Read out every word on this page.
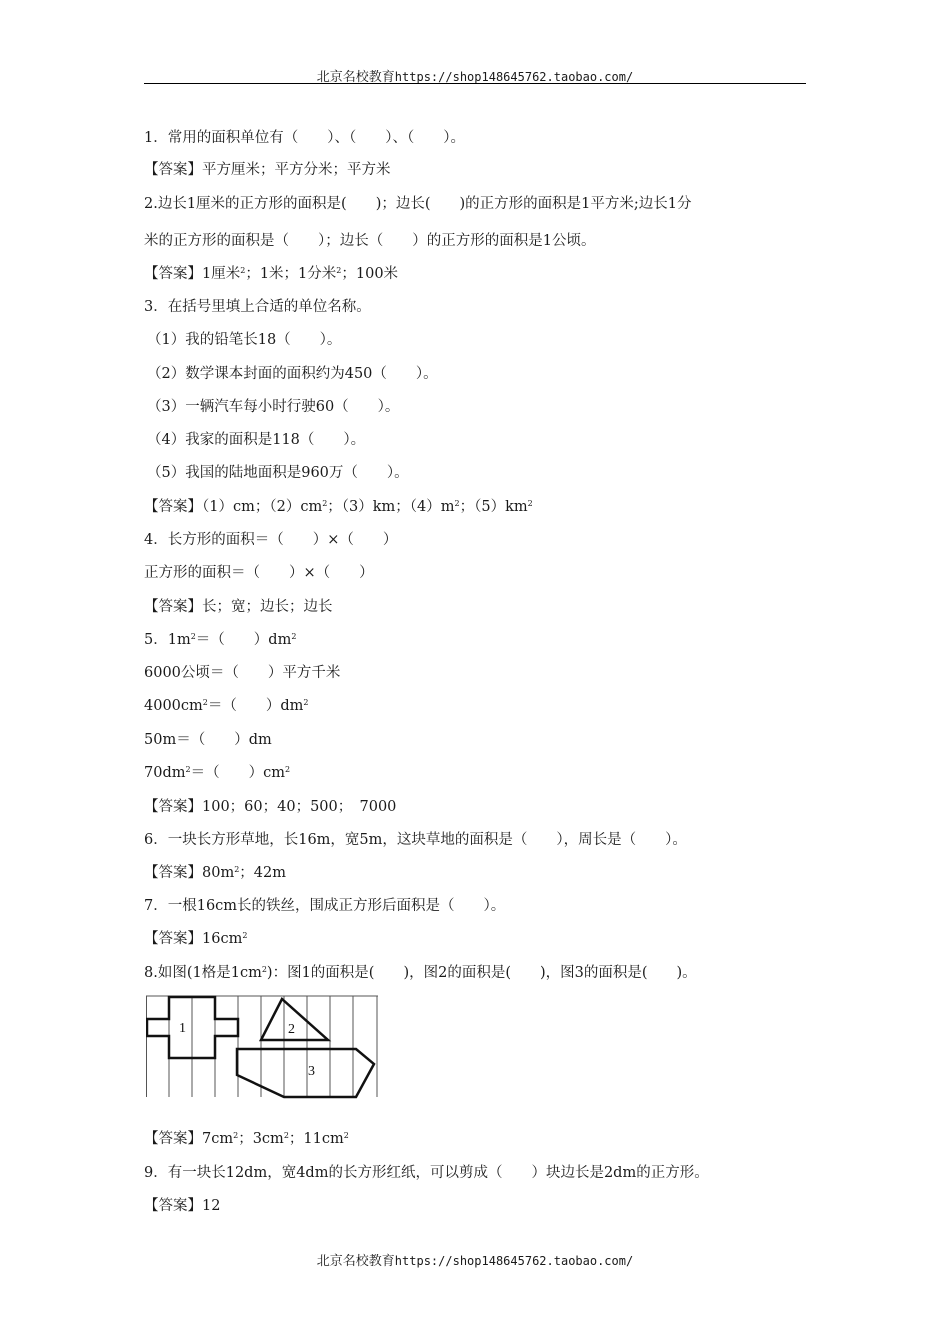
北京名校教育https://shop148645762.taobao.com/
1．常用的面积单位有（　　）、（　　）、（　　）。
【答案】平方厘米；平方分米；平方米
2.边长1厘米的正方形的面积是(　　)；边长(　　)的正方形的面积是1平方米;边长1分
米的正方形的面积是（　　）；边长（　　）的正方形的面积是1公顷。
【答案】1厘米$^2$；1米；1分米$^2$；100米
3．在括号里填上合适的单位名称。
（1）我的铅笔长18（　　）。
（2）数学课本封面的面积约为450（　　）。
（3）一辆汽车每小时行驶60（　　）。
（4）我家的面积是118（　　）。
（5）我国的陆地面积是960万（　　）。
【答案】（1）cm；$(2)cm^2$；（3）km；$(4)m^2$；$(5)km^2$
4．长方形的面积＝（　　）×（　　）
正方形的面积＝（　　）×（　　）
【答案】长；宽；边长；边长
5．$1m^2=$（　　）$dm^2$
6000公顷＝（　　）平方千米
$4000cm^2=$（　　）$dm^2$
50m＝（　　）dm
$70dm^2=$（　　）$cm^2$
【答案】100；60；40；500；　7000
6．一块长方形草地，长16m，宽5m，这块草地的面积是（　　），周长是（　　）。
【答案】$80m^2$；42m
7．一根16cm长的铁丝，围成正方形后面积是（　　）。
【答案】$16cm^2$
8.如图(1格是$1cm^2$)：图1的面积是(　　)，图2的面积是(　　)，图3的面积是(　　)。
1	2
3
【答案】$7cm^2$；$3cm^2$；$11cm^2$
9．有一块长12dm，宽4dm的长方形红纸，可以剪成（　　）块边长是2dm的正方形。
【答案】12
北京名校教育https://shop148645762.taobao.com/
